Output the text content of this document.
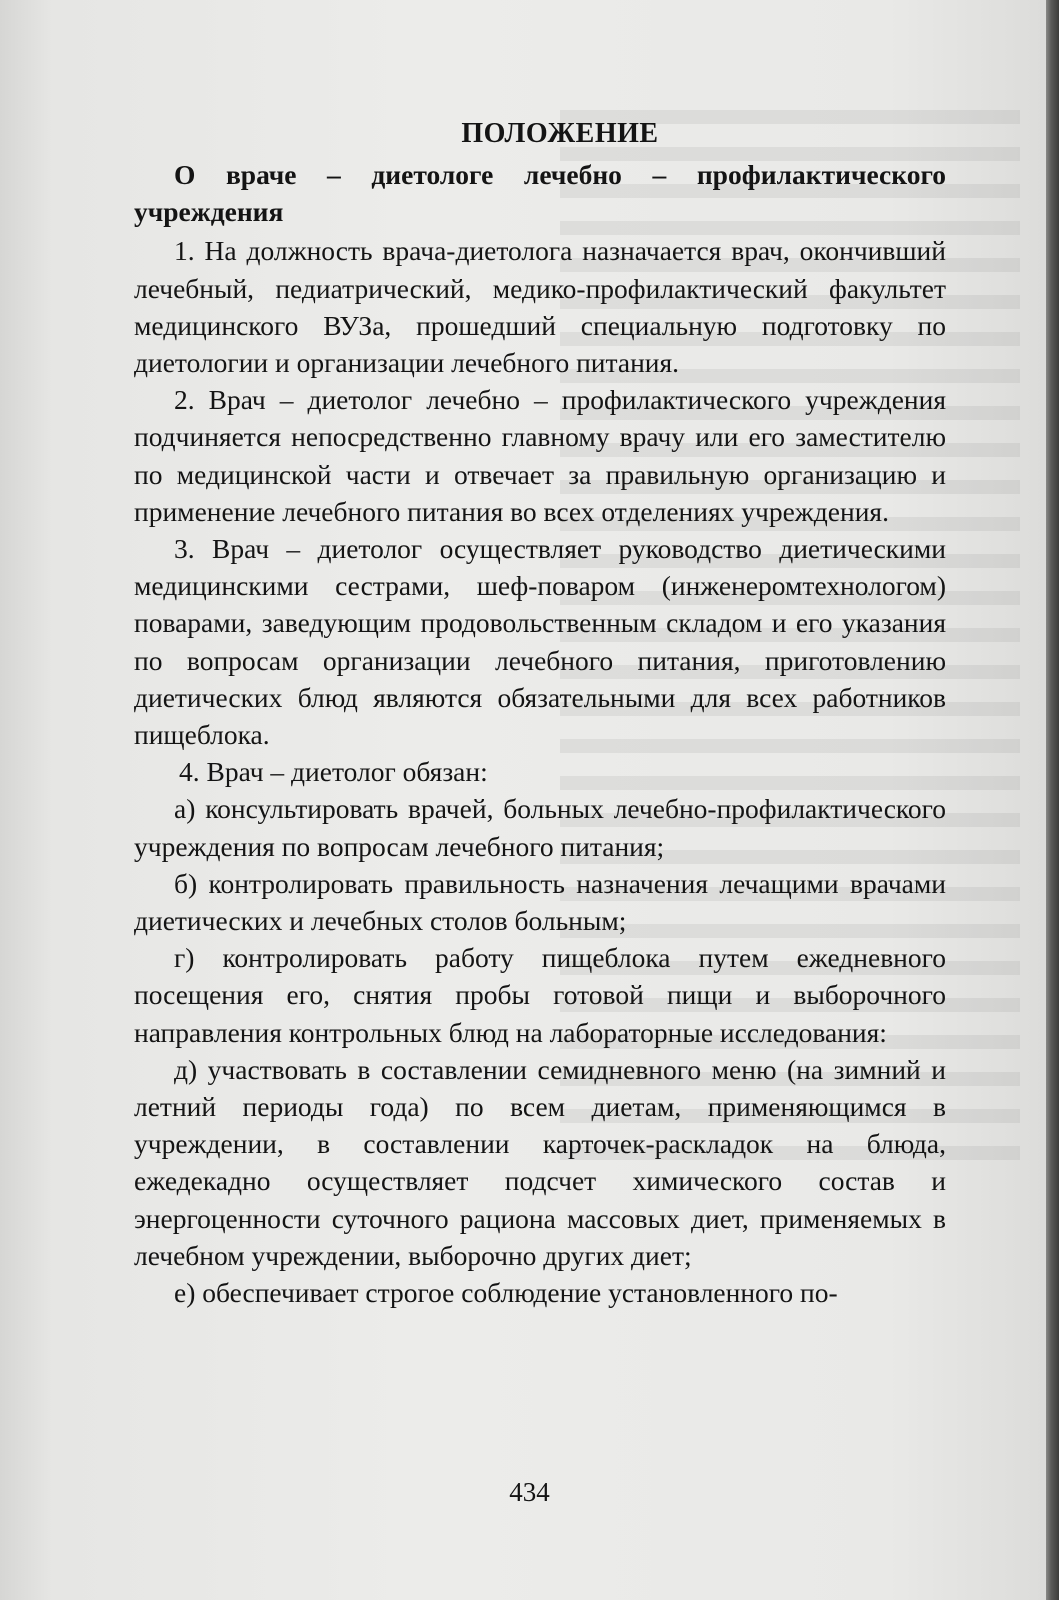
ПОЛОЖЕНИЕ

О враче – диетологе лечебно – профилактического учреждения

1. На должность врача-диетолога назначается врач, окончивший лечебный, педиатрический, медико-профилактический факультет медицинского ВУЗа, прошедший специальную подготовку по диетологии и организации лечебного питания.

2. Врач – диетолог лечебно – профилактического учреждения подчиняется непосредственно главному врачу или его заместителю по медицинской части и отвечает за правильную организацию и применение лечебного питания во всех отделениях учреждения.

3. Врач – диетолог осуществляет руководство диетическими медицинскими сестрами, шеф-поваром (инженеромтехнологом) поварами, заведующим продовольственным складом и его указания по вопросам организации лечебного питания, приготовлению диетических блюд являются обязательными для всех работников пищеблока.

4. Врач – диетолог обязан:

а) консультировать врачей, больных лечебно-профилактического учреждения по вопросам лечебного питания;

б) контролировать правильность назначения лечащими врачами диетических и лечебных столов больным;

г) контролировать работу пищеблока путем ежедневного посещения его, снятия пробы готовой пищи и выборочного направления контрольных блюд на лабораторные исследования:

д) участвовать в составлении семидневного меню (на зимний и летний периоды года) по всем диетам, применяющимся в учреждении, в составлении карточек-раскладок на блюда, ежедекадно осуществляет подсчет химического состав и энергоценности суточного рациона массовых диет, применяемых в лечебном учреждении, выборочно других диет;

е) обеспечивает строгое соблюдение установленного по-

434
